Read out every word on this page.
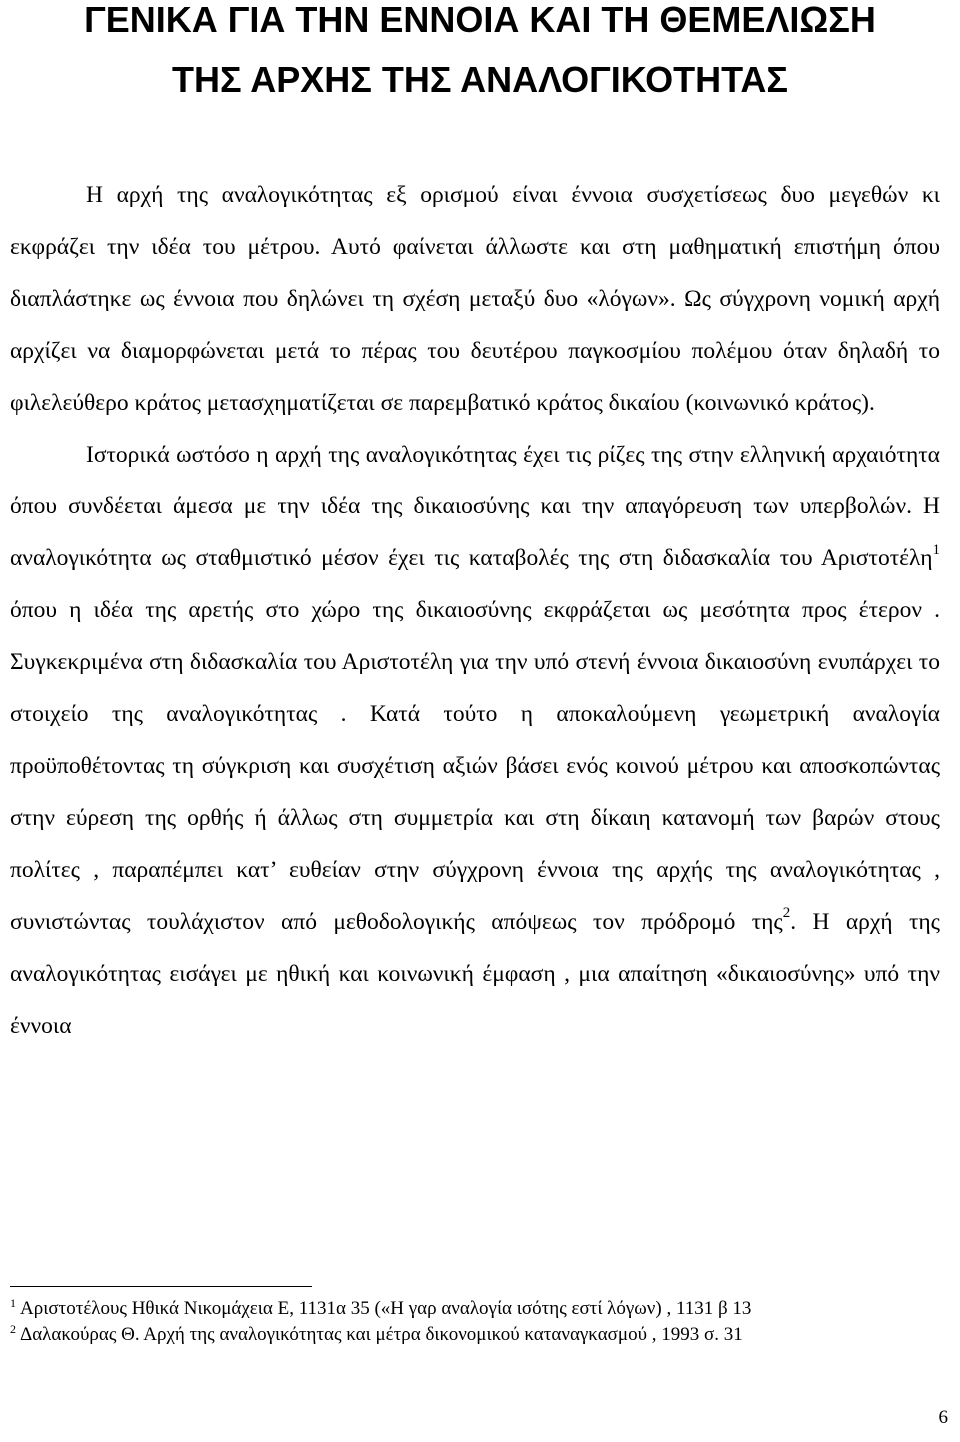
ΓΕΝΙΚΑ ΓΙΑ ΤΗΝ ΕΝΝΟΙΑ ΚΑΙ ΤΗ ΘΕΜΕΛΙΩΣΗ
ΤΗΣ ΑΡΧΗΣ ΤΗΣ ΑΝΑΛΟΓΙΚΟΤΗΤΑΣ

Η αρχή της αναλογικότητας εξ ορισμού είναι έννοια συσχετίσεως δυο μεγεθών κι εκφράζει την ιδέα του μέτρου. Αυτό φαίνεται άλλωστε και στη μαθηματική επιστήμη όπου διαπλάστηκε ως έννοια που δηλώνει τη σχέση μεταξύ δυο «λόγων». Ως σύγχρονη νομική αρχή αρχίζει να διαμορφώνεται μετά το πέρας του δευτέρου παγκοσμίου πολέμου όταν δηλαδή το φιλελεύθερο κράτος μετασχηματίζεται σε παρεμβατικό κράτος δικαίου (κοινωνικό κράτος).

Ιστορικά ωστόσο η αρχή της αναλογικότητας έχει τις ρίζες της στην ελληνική αρχαιότητα όπου συνδέεται άμεσα με την ιδέα της δικαιοσύνης και την απαγόρευση των υπερβολών. Η αναλογικότητα ως σταθμιστικό μέσον έχει τις καταβολές της στη διδασκαλία του Αριστοτέλη$^1$ όπου η ιδέα της αρετής στο χώρο της δικαιοσύνης εκφράζεται ως μεσότητα προς έτερον . Συγκεκριμένα στη διδασκαλία του Αριστοτέλη για την υπό στενή έννοια δικαιοσύνη ενυπάρχει το στοιχείο της αναλογικότητας . Κατά τούτο η αποκαλούμενη γεωμετρική αναλογία προϋποθέτοντας τη σύγκριση και συσχέτιση αξιών βάσει ενός κοινού μέτρου και αποσκοπώντας στην εύρεση της ορθής ή άλλως στη συμμετρία και στη δίκαιη κατανομή των βαρών στους πολίτες , παραπέμπει κατ’ ευθείαν στην σύγχρονη έννοια της αρχής της αναλογικότητας , συνιστώντας τουλάχιστον από μεθοδολογικής απόψεως τον πρόδρομό της$^2$. Η αρχή της αναλογικότητας εισάγει με ηθική και κοινωνική έμφαση , μια απαίτηση «δικαιοσύνης» υπό την έννοια

$^1$ Αριστοτέλους Ηθικά Νικομάχεια Ε, 1131α 35 («Η γαρ αναλογία ισότης εστί λόγων) , 1131 β 13
$^2$ Δαλακούρας Θ. Αρχή της αναλογικότητας και μέτρα δικονομικού καταναγκασμού , 1993 σ. 31
6
